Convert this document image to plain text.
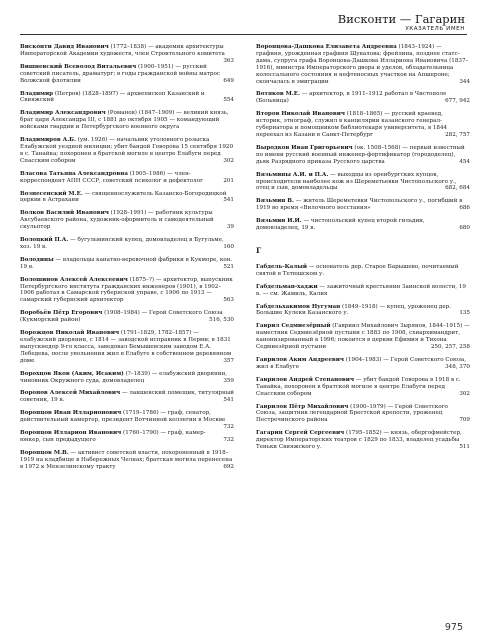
Висконти — Гагарин
УКАЗАТЕЛЬ ИМЕН
Висконти Давид Иванович (1772–1838) — академик архитектуры Императорской Академии художеств, член Строительного комитета
363
Вишневский Всеволод Витальевич (1900–1951) — русский советский писатель, драматург; в годы гражданской войны матрос Волжской флотилии	649
Владимир (Петров) (1828–1897) — архиепископ Казанский и Свияжский	554
Владимир Александрович (Романов) (1847–1909) — великий князь, брат царя Александра III, с 1881 до октября 1905 — командующий войсками гвардии и Петербургского военного округа
Владимиров А.Б. (ум. 1926) — начальник уголовного розыска Елабужской уездной милиции; убит бандой Говорова 15 сентября 1920 в с. Танайка; похоронен в братской могиле в центре Елабуги перед Спасским собором	302
Власова Татьяна Александровна (1905–1986) — член-корреспондент АПН СССР, советский психолог и дефектолог	201
Вознесенский М.Е. — священнослужитель Казанско-Богородицкой церкви в Астрахани	541
Волков Василий Иванович (1928–1991) — работник культуры Аксубаевского района, художник-оформитель и самодеятельный скульптор	39
Волоцкий П.А. — бугульминский купец, домовладелец в Бугульме, хоз. 19 в.	160
Володины — владельцы канатно-веревочной фабрики в Кукморе, кон. 19 в.	521
Волошинов Алексей Алексеевич (1875–?) — архитектор, выпускник Петербургского института гражданских инженеров (1901), в 1902–1906 работал в Самарской губернской управе, с 1906 по 1913 — самарский губернский архитектор	563
Воробьёв Пётр Егорович (1908–1984) — Герой Советского Союза (Кукморский район)	516, 530
Ворожцов Николай Иванович (1791–1829, 1782–1857) — елабужский дворянин, с 1814 — заводской исправник в Перми; в 1831 выпускнедор 9-го класса, заведовал Бемышевским заводом Е.А. Лебедева, после увольнения жил в Елабуге в собственном деревянном доме	357
Ворохцов Яков (Аким, Исаким) (?–1839) — елабужский дворянин, чиновник Окружного суда, домовладелец	359
Воронов Алексей Михайлович — лаишевский помещик, титулярный советник, 19 в.	541
Воронцов Иван Илларионович (1719–1786) — граф, сенатор, действительный камергер, президент Вотчинной коллегии в Москве
732
Воронцов Илларион Иванович (1760–1790) — граф, камер-юнкер, сын предыдущего	732
Воронцов М.В. — активист советской власти, похороненный в 1918–1919 на кладбище в Набережных Челнах; братская могила перенесена в 1972 к Мензелинскому тракту	692
Воронцова-Дашкова Елизавета Андреевна (1843–1924) — графиня, урожденная графиня Шувалова; фрейлина, позднее статс-дама, супруга графа Воронцова-Дашкова Иллариона Ивановича (1837–1916), министра Императорского двора и уделов, обладательница колоссального состояния и нефтеносных участков на Апшероне; скончалась в эмиграции	344
Вотяков М.Е. — архитектор, в 1911–1912 работал в Чистополе (Больница)	677, 942
Второв Николай Иванович (1818–1865) — русский краевед, историк, этнограф, служил в канцелярии казанского генерал-губернатора и помощником библиотекаря университета, в 1844 переехал из Казани в Санкт-Петербург	282, 757
Выродков Иван Григорьевич (ок. 1508–1568) — первый известный по имени русский военный инженер-фортификатор (горододелец), дьяк Разрядного приказа Русского царства	454
Вязьмины А.И. и П.А. — выходцы из оренбургских купцов, происходители наиболее кож из Шереметьевки Чистопольского у., отец и сын, домовладельцы	682, 684
Вязьмин В. — житель Шереметевки Чистопольского у., погибший в 1919 во время «Вилочного восстания»	686
Вязьмин И.И. — чистопольский купец второй гильдии, домовладелец, 19 в.	680
Г
Габдель-Калый — основатель дер. Старое Барышево, почитаемый святой в Тетюшском у.
Габдельман-хаджи — зажиточный крестьянин Заинской волости, 19 в. — см. Жамиль, Калия
Габдельхакимов Нугуман (1849–1918) — купец, уроженец дер. Большие Кулеки Казанского у.	135
Гаврил Седмиезёрный (Гавриил Михайлович Зырянов, 1844–1915) — наместник Седмиезёрной пустыни с 1883 по 1908, схиархимандрит, канонизированный в 1996; покоится в церкви Ефимия и Тихона Седмиезёрной пустыни	250, 257, 258
Гаврилов Аким Андреевич (1904–1983) — Герой Советского Союза, жил в Елабуге	348, 370
Гаврилов Андрей Степанович — убит бандой Говорова в 1918 в с. Танайка, похоронен в братской могиле в центре Елабуги перед Спасским собором	302
Гаврилов Пётр Михайлович (1900–1979) — Герой Советского Союза, защитник легендарной Брестской крепости, уроженец Пестречинского района	709
Гагарин Сергей Сергеевич (1795–1852) — князь, обергофмейстер, директор Императорских театров с 1829 по 1833, владелец усадьбы Теньки Свияжского у.	511
975
